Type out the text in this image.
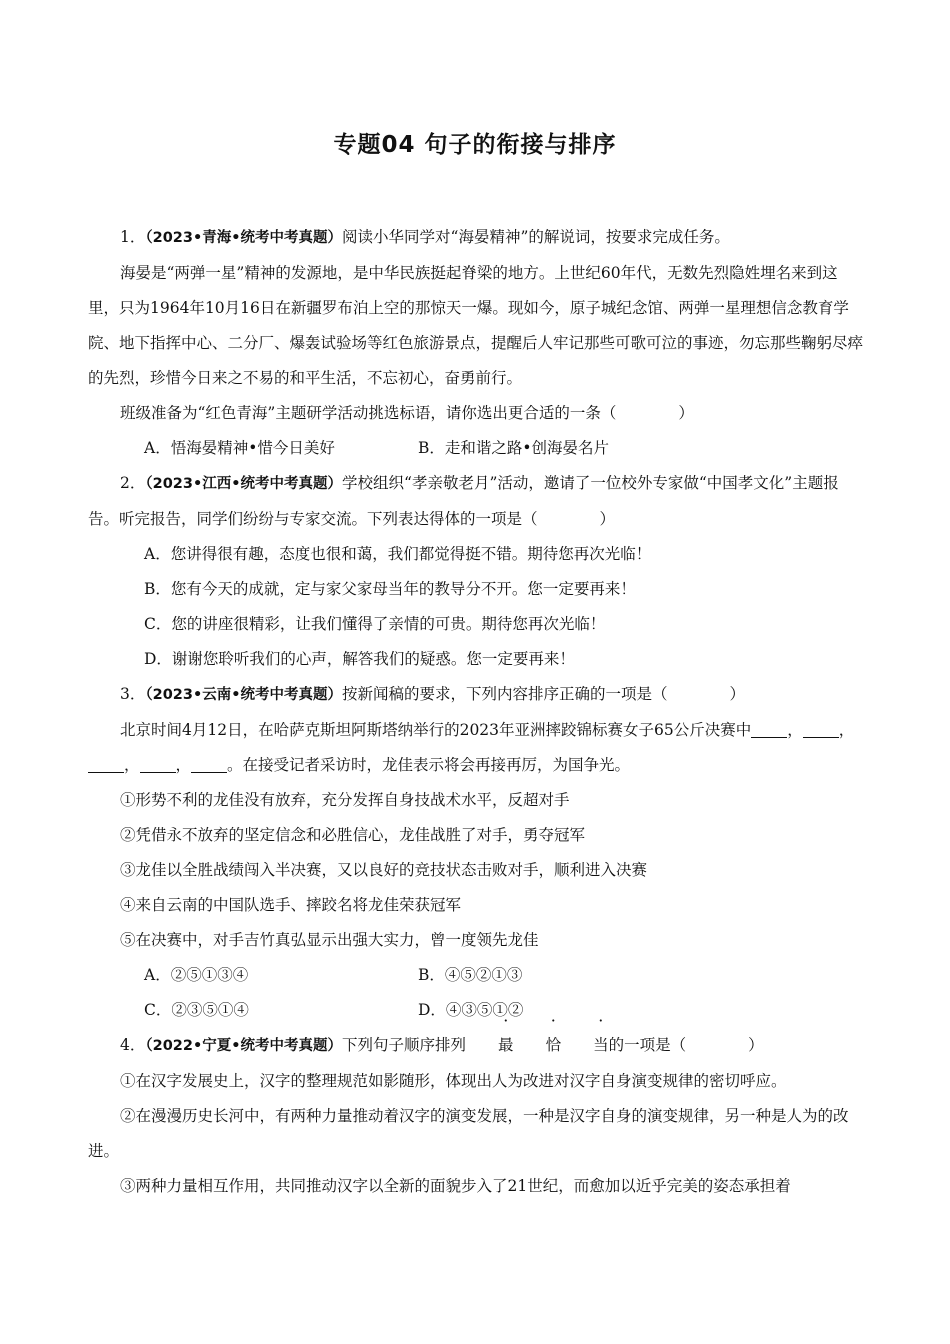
专题04 句子的衔接与排序

1．（2023•青海•统考中考真题）阅读小华同学对“海晏精神”的解说词，按要求完成任务。

海晏是“两弹一星”精神的发源地，是中华民族挺起脊梁的地方。上世纪60年代，无数先烈隐姓埋名来到这里，只为1964年10月16日在新疆罗布泊上空的那惊天一爆。现如今，原子城纪念馆、两弹一星理想信念教育学院、地下指挥中心、二分厂、爆轰试验场等红色旅游景点，提醒后人牢记那些可歌可泣的事迹，勿忘那些鞠躬尽瘁的先烈，珍惜今日来之不易的和平生活，不忘初心，奋勇前行。

班级准备为“红色青海”主题研学活动挑选标语，请你选出更合适的一条（　　　　）

A．悟海晏精神•惜今日美好	B．走和谐之路•创海晏名片

2．（2023•江西•统考中考真题）学校组织“孝亲敬老月”活动，邀请了一位校外专家做“中国孝文化”主题报告。听完报告，同学们纷纷与专家交流。下列表达得体的一项是（　　　　）

A．您讲得很有趣，态度也很和蔼，我们都觉得挺不错。期待您再次光临！

B．您有今天的成就，定与家父家母当年的教导分不开。您一定要再来！

C．您的讲座很精彩，让我们懂得了亲情的可贵。期待您再次光临！

D．谢谢您聆听我们的心声，解答我们的疑惑。您一定要再来！

3．（2023•云南•统考中考真题）按新闻稿的要求，下列内容排序正确的一项是（　　　　）

北京时间4月12日，在哈萨克斯坦阿斯塔纳举行的2023年亚洲摔跤锦标赛女子65公斤决赛中 ， ，， ， 。在接受记者采访时，龙佳表示将会再接再厉，为国争光。

①形势不利的龙佳没有放弃，充分发挥自身技战术水平，反超对手

②凭借永不放弃的坚定信念和必胜信心，龙佳战胜了对手，勇夺冠军

③龙佳以全胜战绩闯入半决赛，又以良好的竞技状态击败对手，顺利进入决赛

④来自云南的中国队选手、摔跤名将龙佳荣获冠军

⑤在决赛中，对手吉竹真弘显示出强大实力，曾一度领先龙佳

A．②⑤①③④	B．④⑤②①③
C．②③⑤①④	D．④③⑤①②

4．（2022•宁夏•统考中考真题）下列句子顺序排列 最 恰 当的一项是（　　　　）

①在汉字发展史上，汉字的整理规范如影随形，体现出人为改进对汉字自身演变规律的密切呼应。

②在漫漫历史长河中，有两种力量推动着汉字的演变发展，一种是汉字自身的演变规律，另一种是人为的改进。

③两种力量相互作用，共同推动汉字以全新的面貌步入了21世纪，而愈加以近乎完美的姿态承担着
